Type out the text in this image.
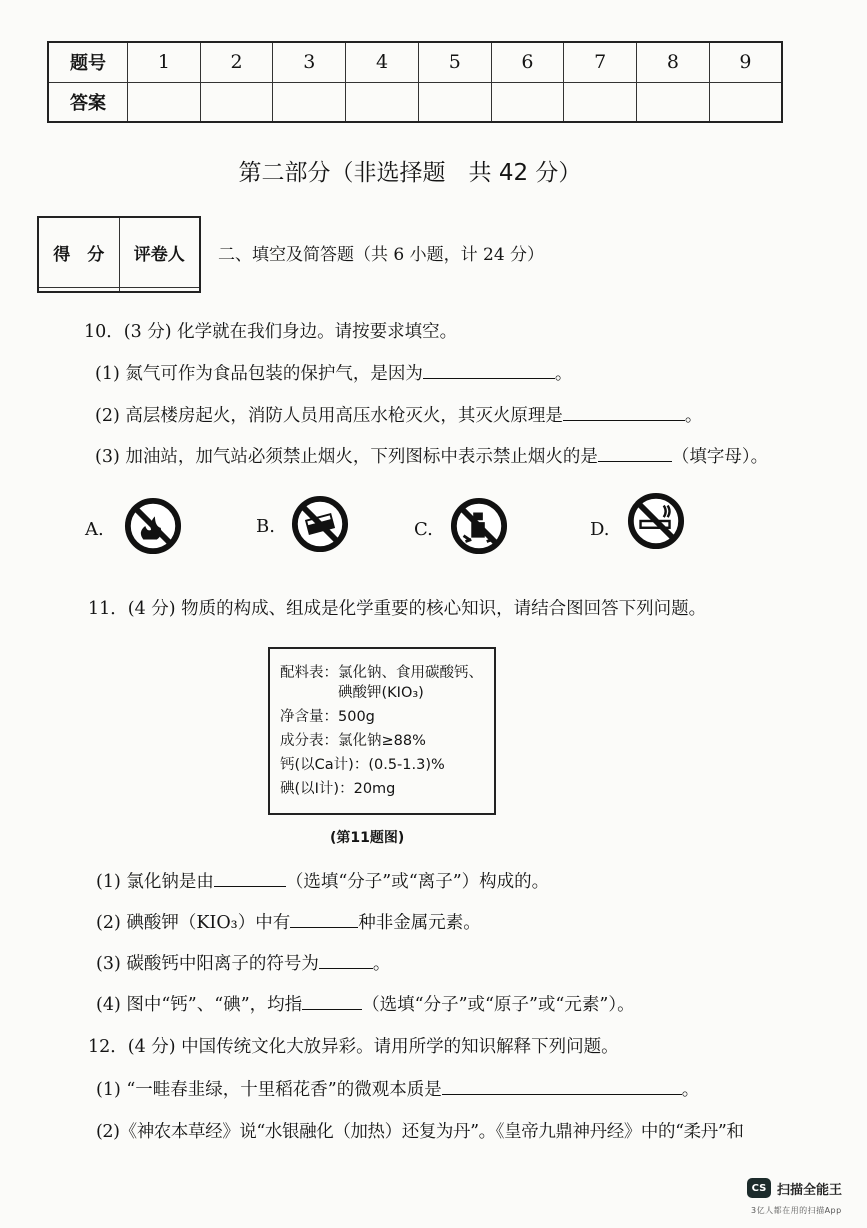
题号	1	2	3	4	5	6	7	8	9
答案									
第二部分（非选择题　共 42 分）
得　分	评卷人
	二、填空及简答题（共 6 小题，计 24 分）
10．(3 分) 化学就在我们身边。请按要求填空。
(1) 氮气可作为食品包装的保护气，是因为	。
(2) 高层楼房起火，消防人员用高压水枪灭火，其灭火原理是	。
(3) 加油站，加气站必须禁止烟火，下列图标中表示禁止烟火的是	（填字母）。
A.	B.	C.	D.
11．(4 分) 物质的构成、组成是化学重要的核心知识，请结合图回答下列问题。
配料表：氯化钠、食用碳酸钙、
　　　　碘酸钾(KIO₃)
净含量：500g
成分表：氯化钠≥88%
钙(以Ca计)：(0.5-1.3)%
碘(以I计)：20mg
(第11题图)
(1) 氯化钠是由	（选填“分子”或“离子”）构成的。
(2) 碘酸钾（KIO₃）中有	种非金属元素。
(3) 碳酸钙中阳离子的符号为	。
(4) 图中“钙”、“碘”，均指	（选填“分子”或“原子”或“元素”）。
12．(4 分) 中国传统文化大放异彩。请用所学的知识解释下列问题。
(1) “一畦春韭绿，十里稻花香”的微观本质是	。
(2)《神农本草经》说“水银融化（加热）还复为丹”。《皇帝九鼎神丹经》中的“柔丹”和
CS 扫描全能王
3亿人都在用的扫描App
